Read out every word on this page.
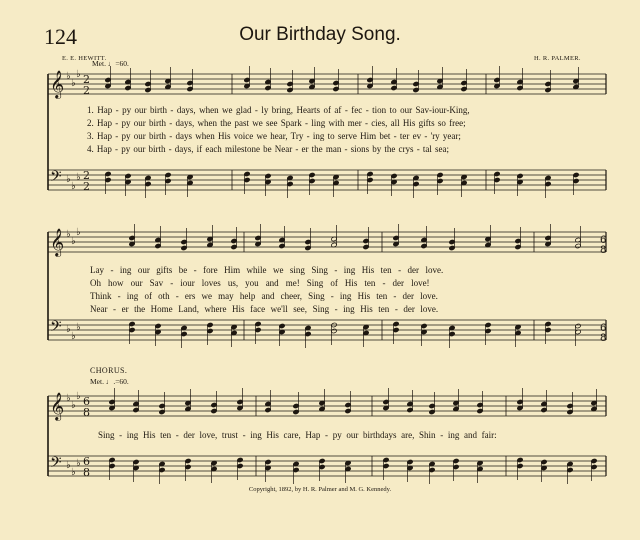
124	Our Birthday Song.
E. E. HEWITT.	H. R. PALMER.
Met. ♩=60.
1. Hap - py our birth - days, when we glad - ly bring, Hearts of af - fec - tion to our Sav-iour-King,
2. Hap - py our birth - days, when the past we see Spark - ling with mer - cies, all His gifts so free;
3. Hap - py our birth - days when His voice we hear, Try - ing to serve Him bet - ter ev - 'ry year;
4. Hap - py our birth - days, if each milestone be Near - er the man - sions by the crys - tal sea;
Lay - ing our gifts be - fore Him while we sing Sing - ing His ten - der love.
Oh how our Sav - iour loves us, you and me! Sing of His ten - der love!
Think - ing of oth - ers we may help and cheer, Sing - ing His ten - der love.
Near - er the Home Land, where His face we'll see, Sing - ing His ten - der love.
CHORUS.
Met. ♩.=60.
Sing - ing His ten - der love, trust - ing His care, Hap - py our birthdays are, Shin - ing and fair:
Copyright, 1892, by H. R. Palmer and M. G. Kennedy.
𝄞
𝄢
♭
♭
♭
♭
♭
♭
2
2
2
2
𝄞
𝄢
♭
♭
♭
♭
♭
♭
𝄞
𝄢
♭
♭
♭
♭
♭
♭
6
8
6
8
6
8
6
8
